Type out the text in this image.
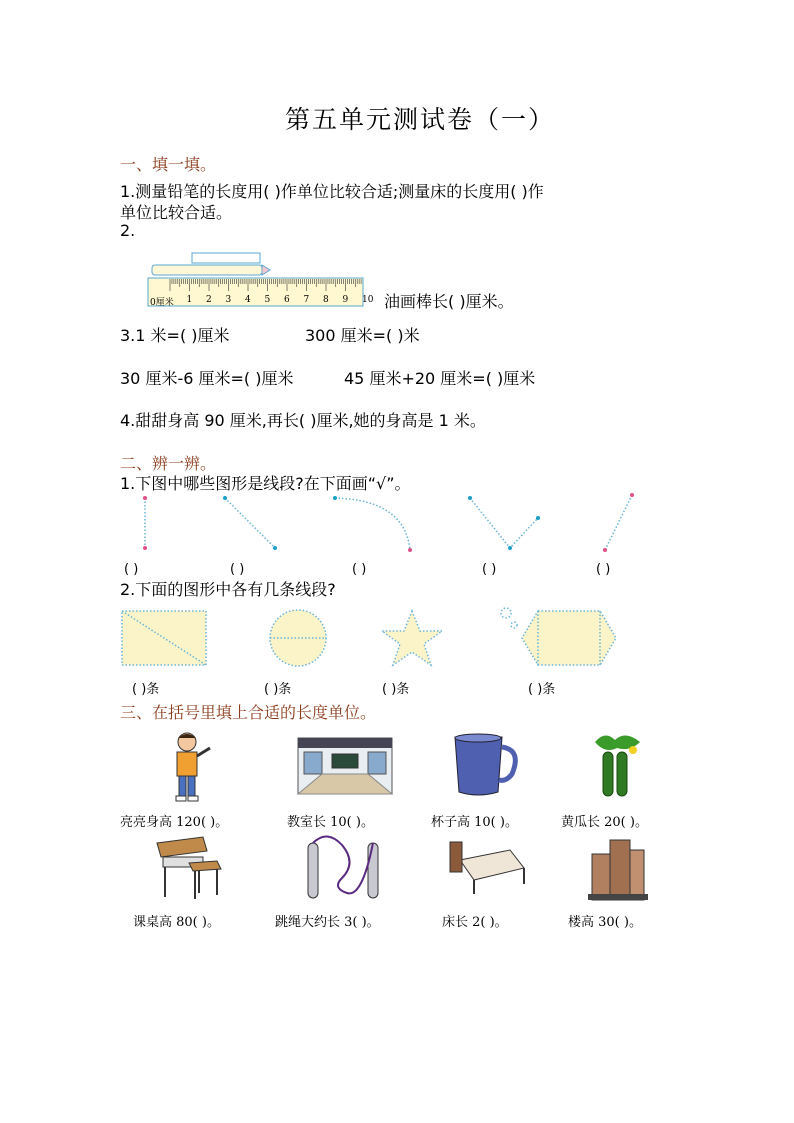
第五单元测试卷（一）
一、填一填。
1.测量铅笔的长度用( )作单位比较合适;测量床的长度用( )作
单位比较合适。
2.
0厘米 1 2 3 4 5 6 7 8 9 10 油画棒长( )厘米。
3.1 米=( )厘米	300 厘米=( )米
30 厘米-6 厘米=( )厘米	45 厘米+20 厘米=( )厘米
4.甜甜身高 90 厘米,再长( )厘米,她的身高是 1 米。
二、辨一辨。
1.下图中哪些图形是线段?在下面画“√”。
( )	( )	( )	( )	( )
2.下面的图形中各有几条线段?
( )条	( )条	( )条	( )条
三、在括号里填上合适的长度单位。
亮亮身高 120( )。	教室长 10( )。	杯子高 10( )。	黄瓜长 20( )。
课桌高 80( )。	跳绳大约长 3( )。	床长 2( )。	楼高 30( )。
